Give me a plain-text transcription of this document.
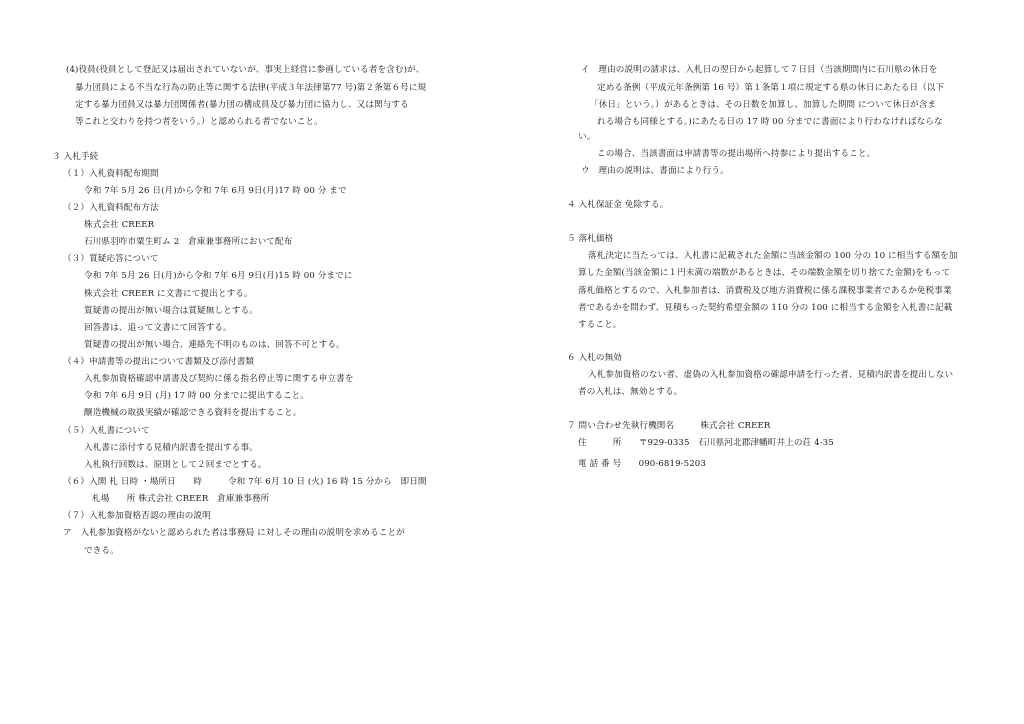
(4)役員(役員として登記又は届出されていないが、事実上経営に参画している者を含む)が、
暴力団員による不当な行為の防止等に関する法律(平成３年法律第77 号)第２条第６号に規
定する暴力団員又は暴力団関係者(暴力団の構成員及び暴力団に協力し、又は関与する
等これと交わりを持つ者をいう。）と認められる者でないこと。
３ 入札手続
（１）入札資料配布期間
令和 7年 5月 26 日(月)から令和 7年 6月 9日(月)17 時 00 分 まで
（２）入札資料配布方法
株式会社 CREER
石川県羽咋市粟生町ム 2　倉庫兼事務所において配布
（３）質疑応答について
令和 7年 5月 26 日(月)から令和 7年 6月 9日(月)15 時 00 分までに
株式会社 CREER に文書にて提出とする。
質疑書の提出が無い場合は質疑無しとする。
回答書は、追って文書にて回答する。
質疑書の提出が無い場合、連絡先不明のものは、回答不可とする。
（４）申請書等の提出について書類及び添付書類
入札参加資格確認申請書及び契約に係る指名停止等に関する申立書を
令和 7年 6月 9日 (月) 17 時 00 分までに提出すること。
醸造機械の取扱実績が確認できる資料を提出すること。
（５）入札書について
入札書に添付する見積内訳書を提出する事。
入札執行回数は、原則として２回までとする。
（６）入開 札 日時 ・場所日　　時　　　令和 7年 6月 10 日 (火) 16 時 15 分から　即日開
札場　　所 株式会社 CREER　倉庫兼事務所
（７）入札参加資格否認の理由の説明
ア　入札参加資格がないと認められた者は事務局 に対しその理由の説明を求めることが
できる。
イ　理由の説明の請求は、入札日の翌日から起算して７日目（当該期間内に石川県の休日を
定める条例（平成元年条例第 16 号）第１条第１項に規定する県の休日にあたる日（以下
「休日」という。）があるときは、その日数を加算し、加算した期間 について休日が含ま
れる場合も同様とする。)にあたる日の 17 時 00 分までに書面により行わなければならな
い。
この場合、当該書面は申請書等の提出場所へ持参により提出すること。
ウ　理由の説明は、書面により行う。
４ 入札保証金 免除する。
５ 落札価格
落札決定に当たっては、入札書に記載された金額に当該金額の 100 分の 10 に相当する額を加
算した金額(当該金額に１円未満の端数があるときは、その端数金額を切り捨てた金額)をもって
落札価格とするので、入札参加者は、消費税及び地方消費税に係る課税事業者であるか免税事業
者であるかを問わず、見積もった契約希望金額の 110 分の 100 に相当する金額を入札書に記載
すること。
６ 入札の無効
入札参加資格のない者、虚偽の入札参加資格の確認申請を行った者、見積内訳書を提出しない
者の入札は、無効とする。
７ 問い合わせ先執行機関名　　　株式会社 CREER
住　　　所　　〒929-0335　石川県河北郡津幡町井上の荘 4-35
電 話 番 号　　090-6819-5203
